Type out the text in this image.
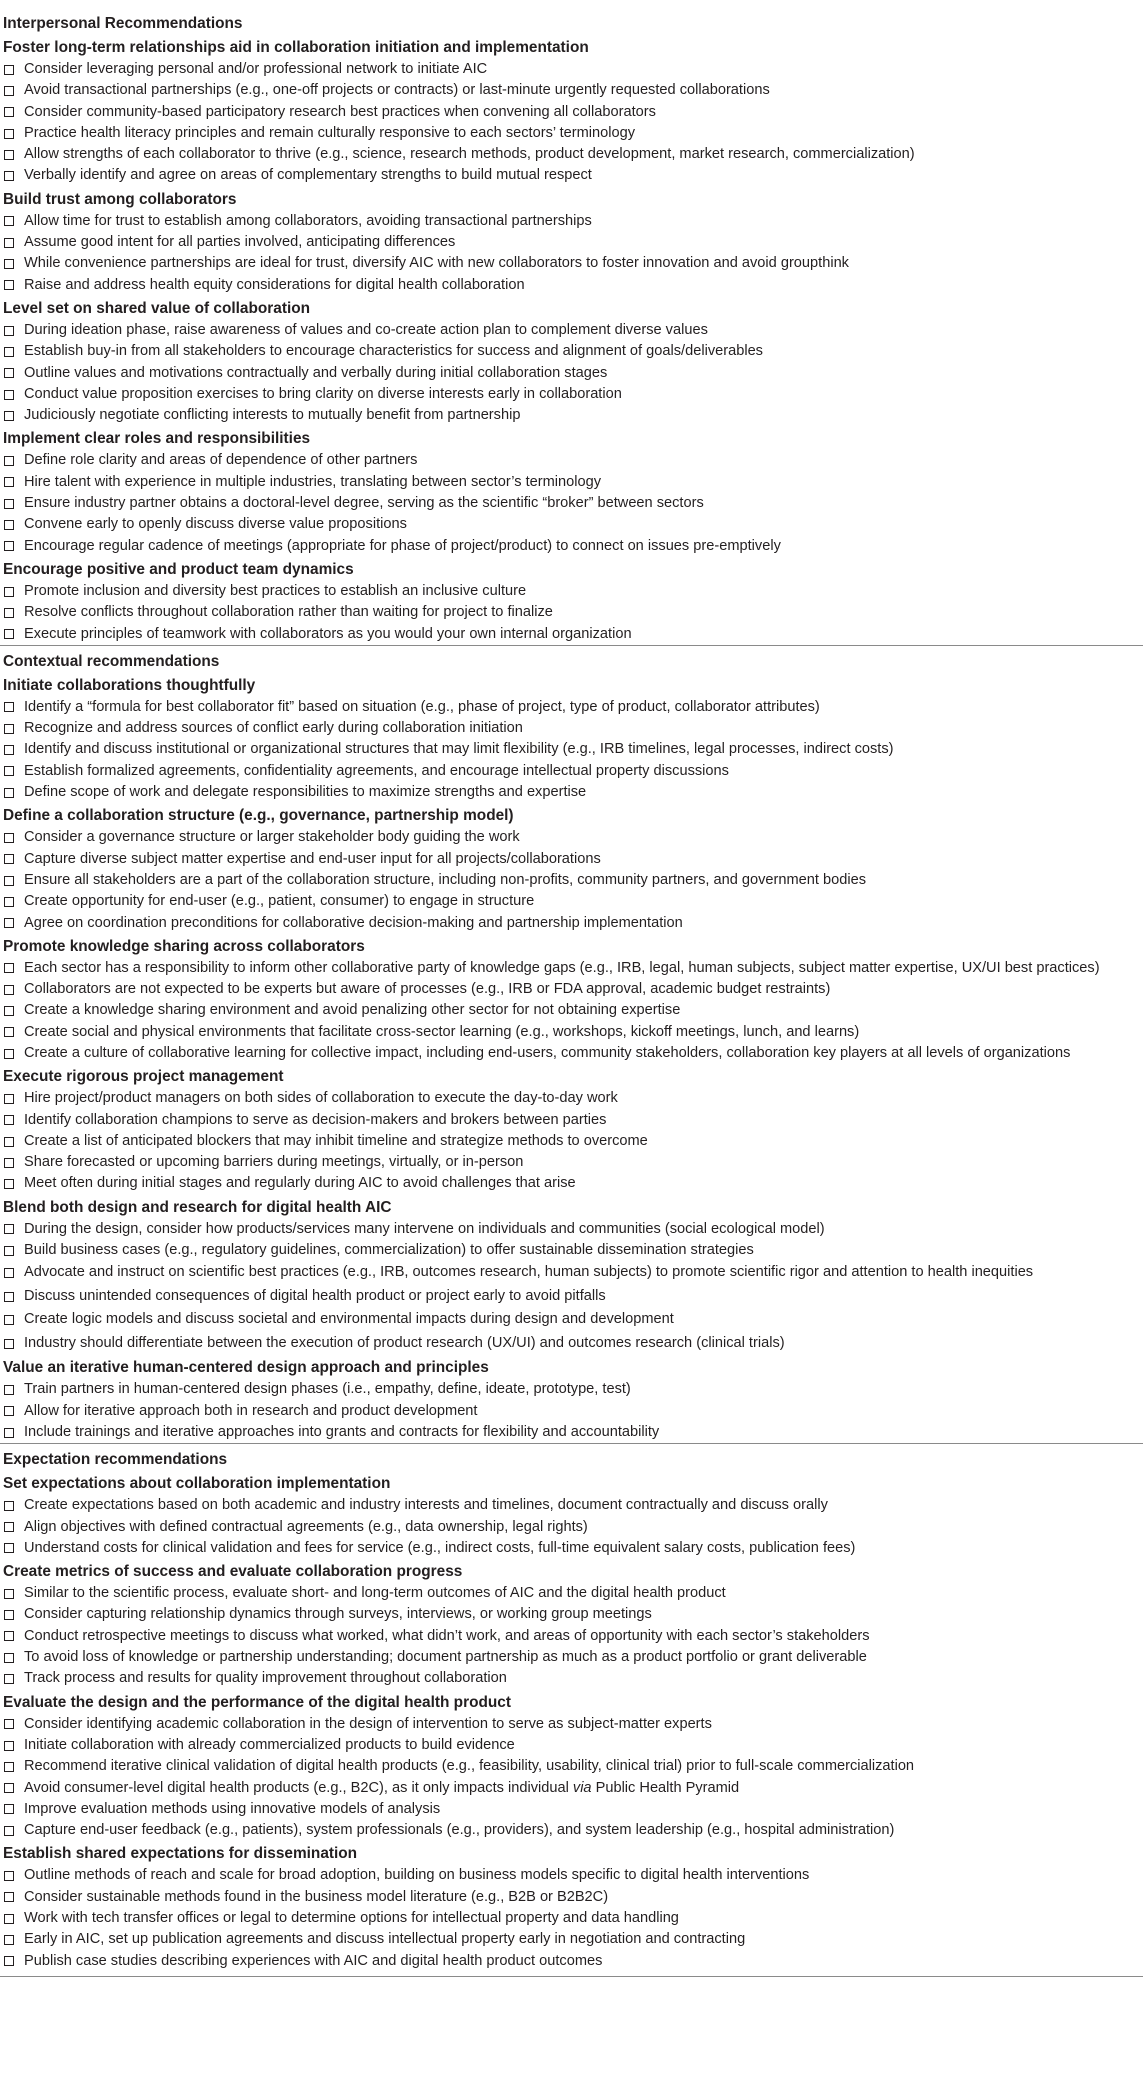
Interpersonal Recommendations
Foster long-term relationships aid in collaboration initiation and implementation
Consider leveraging personal and/or professional network to initiate AIC
Avoid transactional partnerships (e.g., one-off projects or contracts) or last-minute urgently requested collaborations
Consider community-based participatory research best practices when convening all collaborators
Practice health literacy principles and remain culturally responsive to each sectors’ terminology
Allow strengths of each collaborator to thrive (e.g., science, research methods, product development, market research, commercialization)
Verbally identify and agree on areas of complementary strengths to build mutual respect
Build trust among collaborators
Allow time for trust to establish among collaborators, avoiding transactional partnerships
Assume good intent for all parties involved, anticipating differences
While convenience partnerships are ideal for trust, diversify AIC with new collaborators to foster innovation and avoid groupthink
Raise and address health equity considerations for digital health collaboration
Level set on shared value of collaboration
During ideation phase, raise awareness of values and co-create action plan to complement diverse values
Establish buy-in from all stakeholders to encourage characteristics for success and alignment of goals/deliverables
Outline values and motivations contractually and verbally during initial collaboration stages
Conduct value proposition exercises to bring clarity on diverse interests early in collaboration
Judiciously negotiate conflicting interests to mutually benefit from partnership
Implement clear roles and responsibilities
Define role clarity and areas of dependence of other partners
Hire talent with experience in multiple industries, translating between sector’s terminology
Ensure industry partner obtains a doctoral-level degree, serving as the scientific “broker” between sectors
Convene early to openly discuss diverse value propositions
Encourage regular cadence of meetings (appropriate for phase of project/product) to connect on issues pre-emptively
Encourage positive and product team dynamics
Promote inclusion and diversity best practices to establish an inclusive culture
Resolve conflicts throughout collaboration rather than waiting for project to finalize
Execute principles of teamwork with collaborators as you would your own internal organization
Contextual recommendations
Initiate collaborations thoughtfully
Identify a “formula for best collaborator fit” based on situation (e.g., phase of project, type of product, collaborator attributes)
Recognize and address sources of conflict early during collaboration initiation
Identify and discuss institutional or organizational structures that may limit flexibility (e.g., IRB timelines, legal processes, indirect costs)
Establish formalized agreements, confidentiality agreements, and encourage intellectual property discussions
Define scope of work and delegate responsibilities to maximize strengths and expertise
Define a collaboration structure (e.g., governance, partnership model)
Consider a governance structure or larger stakeholder body guiding the work
Capture diverse subject matter expertise and end-user input for all projects/collaborations
Ensure all stakeholders are a part of the collaboration structure, including non-profits, community partners, and government bodies
Create opportunity for end-user (e.g., patient, consumer) to engage in structure
Agree on coordination preconditions for collaborative decision-making and partnership implementation
Promote knowledge sharing across collaborators
Each sector has a responsibility to inform other collaborative party of knowledge gaps (e.g., IRB, legal, human subjects, subject matter expertise, UX/UI best practices)
Collaborators are not expected to be experts but aware of processes (e.g., IRB or FDA approval, academic budget restraints)
Create a knowledge sharing environment and avoid penalizing other sector for not obtaining expertise
Create social and physical environments that facilitate cross-sector learning (e.g., workshops, kickoff meetings, lunch, and learns)
Create a culture of collaborative learning for collective impact, including end-users, community stakeholders, collaboration key players at all levels of organizations
Execute rigorous project management
Hire project/product managers on both sides of collaboration to execute the day-to-day work
Identify collaboration champions to serve as decision-makers and brokers between parties
Create a list of anticipated blockers that may inhibit timeline and strategize methods to overcome
Share forecasted or upcoming barriers during meetings, virtually, or in-person
Meet often during initial stages and regularly during AIC to avoid challenges that arise
Blend both design and research for digital health AIC
During the design, consider how products/services many intervene on individuals and communities (social ecological model)
Build business cases (e.g., regulatory guidelines, commercialization) to offer sustainable dissemination strategies
Advocate and instruct on scientific best practices (e.g., IRB, outcomes research, human subjects) to promote scientific rigor and attention to health inequities
Discuss unintended consequences of digital health product or project early to avoid pitfalls
Create logic models and discuss societal and environmental impacts during design and development
Industry should differentiate between the execution of product research (UX/UI) and outcomes research (clinical trials)
Value an iterative human-centered design approach and principles
Train partners in human-centered design phases (i.e., empathy, define, ideate, prototype, test)
Allow for iterative approach both in research and product development
Include trainings and iterative approaches into grants and contracts for flexibility and accountability
Expectation recommendations
Set expectations about collaboration implementation
Create expectations based on both academic and industry interests and timelines, document contractually and discuss orally
Align objectives with defined contractual agreements (e.g., data ownership, legal rights)
Understand costs for clinical validation and fees for service (e.g., indirect costs, full-time equivalent salary costs, publication fees)
Create metrics of success and evaluate collaboration progress
Similar to the scientific process, evaluate short- and long-term outcomes of AIC and the digital health product
Consider capturing relationship dynamics through surveys, interviews, or working group meetings
Conduct retrospective meetings to discuss what worked, what didn’t work, and areas of opportunity with each sector’s stakeholders
To avoid loss of knowledge or partnership understanding; document partnership as much as a product portfolio or grant deliverable
Track process and results for quality improvement throughout collaboration
Evaluate the design and the performance of the digital health product
Consider identifying academic collaboration in the design of intervention to serve as subject-matter experts
Initiate collaboration with already commercialized products to build evidence
Recommend iterative clinical validation of digital health products (e.g., feasibility, usability, clinical trial) prior to full-scale commercialization
Avoid consumer-level digital health products (e.g., B2C), as it only impacts individual via Public Health Pyramid
Improve evaluation methods using innovative models of analysis
Capture end-user feedback (e.g., patients), system professionals (e.g., providers), and system leadership (e.g., hospital administration)
Establish shared expectations for dissemination
Outline methods of reach and scale for broad adoption, building on business models specific to digital health interventions
Consider sustainable methods found in the business model literature (e.g., B2B or B2B2C)
Work with tech transfer offices or legal to determine options for intellectual property and data handling
Early in AIC, set up publication agreements and discuss intellectual property early in negotiation and contracting
Publish case studies describing experiences with AIC and digital health product outcomes
